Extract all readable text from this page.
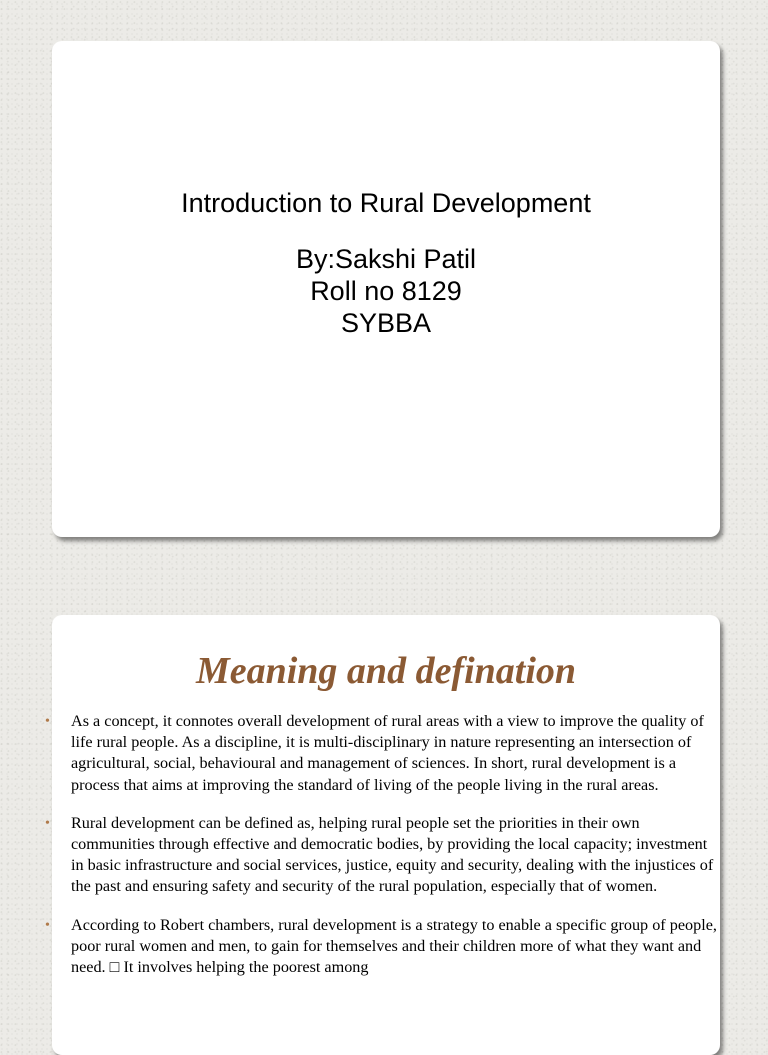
Introduction to Rural Development
By:Sakshi Patil
Roll no 8129
SYBBA
Meaning and defination
• As a concept, it connotes overall development of rural areas with a view to improve the quality of life rural people. As a discipline, it is multi-disciplinary in nature representing an intersection of agricultural, social, behavioural and management of sciences. In short, rural development is a process that aims at improving the standard of living of the people living in the rural areas.
• Rural development can be defined as, helping rural people set the priorities in their own communities through effective and democratic bodies, by providing the local capacity; investment in basic infrastructure and social services, justice, equity and security, dealing with the injustices of the past and ensuring safety and security of the rural population, especially that of women.
• According to Robert chambers, rural development is a strategy to enable a specific group of people, poor rural women and men, to gain for themselves and their children more of what they want and need. □ It involves helping the poorest among
